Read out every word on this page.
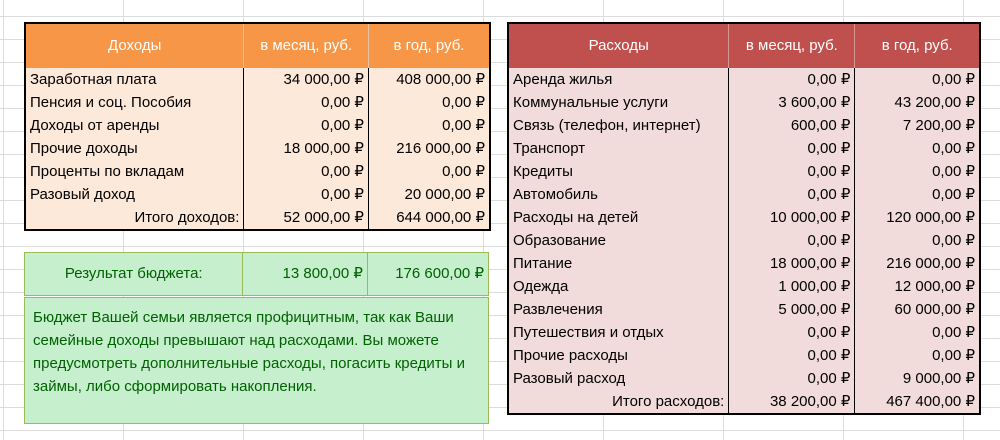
Доходы	в месяц, руб.	в год, руб.
Заработная плата	34 000,00 ₽	408 000,00 ₽
Пенсия и соц. Пособия	0,00 ₽	0,00 ₽
Доходы от аренды	0,00 ₽	0,00 ₽
Прочие доходы	18 000,00 ₽	216 000,00 ₽
Проценты по вкладам	0,00 ₽	0,00 ₽
Разовый доход	0,00 ₽	20 000,00 ₽
Итого доходов:	52 000,00 ₽	644 000,00 ₽
Результат бюджета:	13 800,00 ₽	176 600,00 ₽
Бюджет Вашей семьи является профицитным, так как Ваши семейные доходы превышают над расходами. Вы можете предусмотреть дополнительные расходы, погасить кредиты и займы, либо сформировать накопления.
Расходы	в месяц, руб.	в год, руб.
Аренда жилья	0,00 ₽	0,00 ₽
Коммунальные услуги	3 600,00 ₽	43 200,00 ₽
Связь (телефон, интернет)	600,00 ₽	7 200,00 ₽
Транспорт	0,00 ₽	0,00 ₽
Кредиты	0,00 ₽	0,00 ₽
Автомобиль	0,00 ₽	0,00 ₽
Расходы на детей	10 000,00 ₽	120 000,00 ₽
Образование	0,00 ₽	0,00 ₽
Питание	18 000,00 ₽	216 000,00 ₽
Одежда	1 000,00 ₽	12 000,00 ₽
Развлечения	5 000,00 ₽	60 000,00 ₽
Путешествия и отдых	0,00 ₽	0,00 ₽
Прочие расходы	0,00 ₽	0,00 ₽
Разовый расход	0,00 ₽	9 000,00 ₽
Итого расходов:	38 200,00 ₽	467 400,00 ₽
